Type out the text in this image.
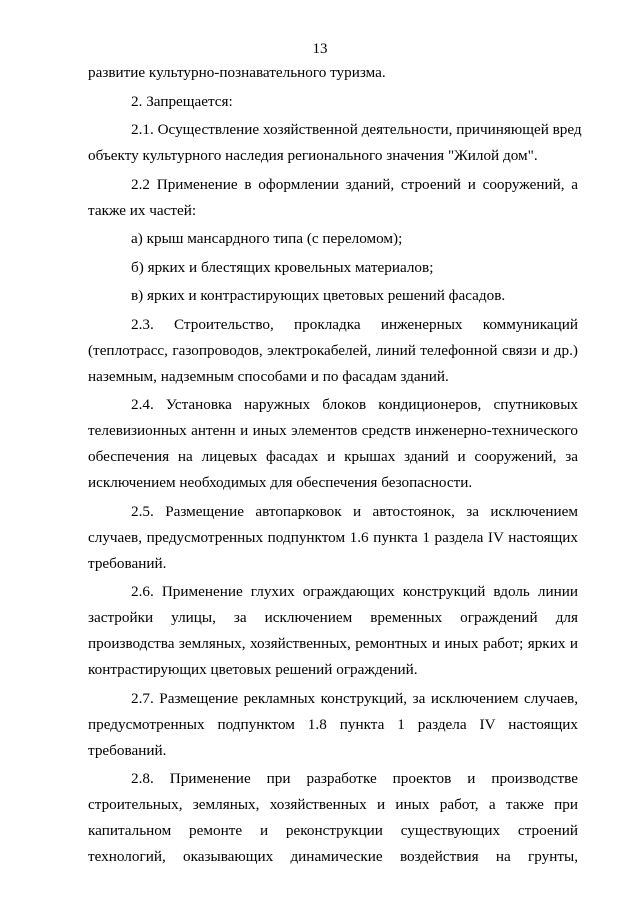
13
развитие культурно-познавательного туризма.
2. Запрещается:
2.1. Осуществление хозяйственной деятельности, причиняющей вред
объекту культурного наследия регионального значения "Жилой дом".
2.2 Применение в оформлении зданий, строений и сооружений, а
также их частей:
а) крыш мансардного типа (с переломом);
б) ярких и блестящих кровельных материалов;
в) ярких и контрастирующих цветовых решений фасадов.
2.3. Строительство, прокладка инженерных коммуникаций
(теплотрасс, газопроводов, электрокабелей, линий телефонной связи и др.)
наземным, надземным способами и по фасадам зданий.
2.4. Установка наружных блоков кондиционеров, спутниковых
телевизионных антенн и иных элементов средств инженерно-технического
обеспечения на лицевых фасадах и крышах зданий и сооружений, за
исключением необходимых для обеспечения безопасности.
2.5. Размещение автопарковок и автостоянок, за исключением
случаев, предусмотренных подпунктом 1.6 пункта 1 раздела IV настоящих
требований.
2.6. Применение глухих ограждающих конструкций вдоль линии
застройки улицы, за исключением временных ограждений для
производства земляных, хозяйственных, ремонтных и иных работ; ярких и
контрастирующих цветовых решений ограждений.
2.7. Размещение рекламных конструкций, за исключением случаев,
предусмотренных подпунктом 1.8 пункта 1 раздела IV настоящих
требований.
2.8. Применение при разработке проектов и производстве
строительных, земляных, хозяйственных и иных работ, а также при
капитальном ремонте и реконструкции существующих строений
технологий, оказывающих динамические воздействия на грунты,
